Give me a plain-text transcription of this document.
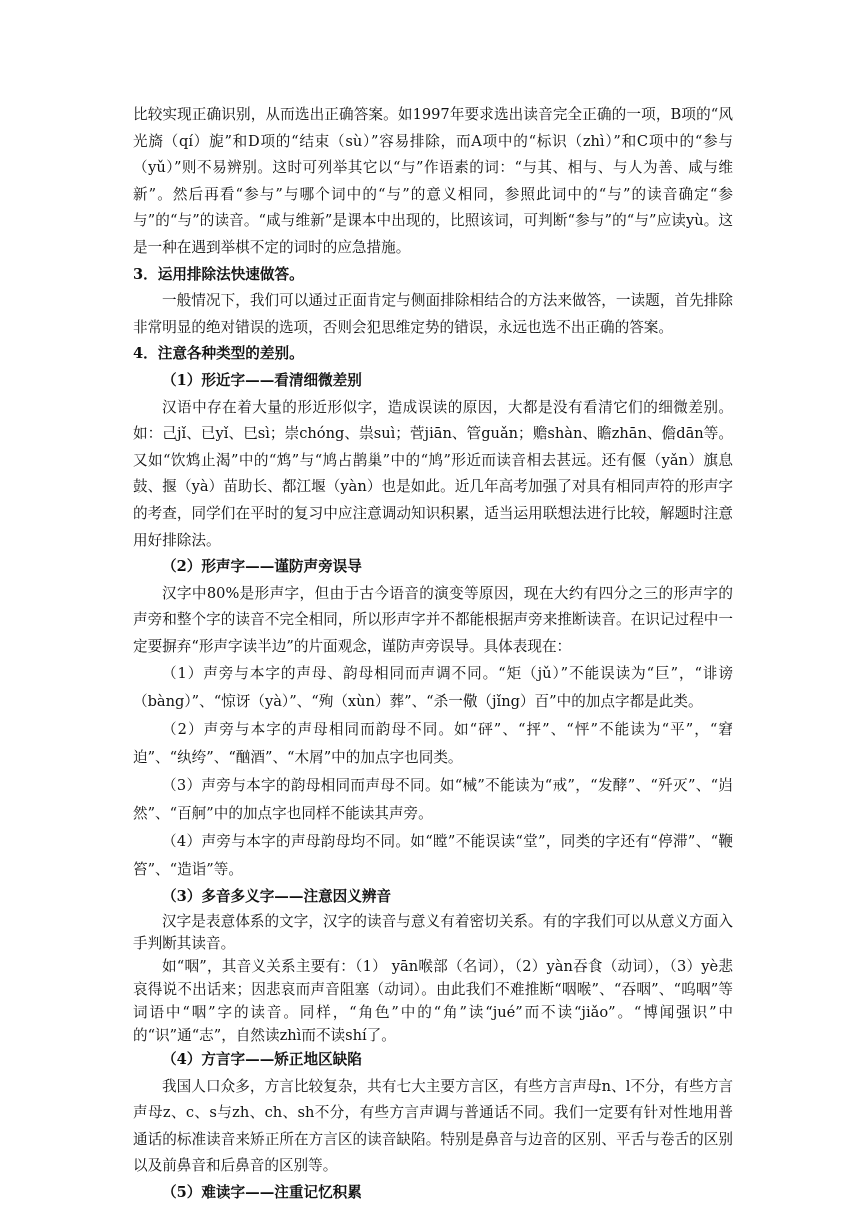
比较实现正确识别，从而选出正确答案。如1997年要求选出读音完全正确的一项，B项的“风光旖（qí）旎”和D项的“结束（sù）”容易排除，而A项中的“标识（zhì）”和C项中的“参与（yǔ）”则不易辨别。这时可列举其它以“与”作语素的词：“与其、相与、与人为善、咸与维新”。然后再看“参与”与哪个词中的“与”的意义相同，参照此词中的“与”的读音确定“参与”的“与”的读音。“咸与维新”是课本中出现的，比照该词，可判断“参与”的“与”应读yù。这是一种在遇到举棋不定的词时的应急措施。

3．运用排除法快速做答。

一般情况下，我们可以通过正面肯定与侧面排除相结合的方法来做答，一读题，首先排除非常明显的绝对错误的选项，否则会犯思维定势的错误，永远也选不出正确的答案。

4．注意各种类型的差别。

（1）形近字——看清细微差别

汉语中存在着大量的形近形似字，造成误读的原因，大都是没有看清它们的细微差别。如：己jǐ、已yǐ、巳sì；崇chóng、祟suì；菅jiān、管guǎn；赡shàn、瞻zhān、儋dān等。又如“饮鸩止渴”中的“鸩”与“鸠占鹊巢”中的“鸠”形近而读音相去甚远。还有偃（yǎn）旗息鼓、揠（yà）苗助长、都江堰（yàn）也是如此。近几年高考加强了对具有相同声符的形声字的考查，同学们在平时的复习中应注意调动知识积累，适当运用联想法进行比较，解题时注意用好排除法。

（2）形声字——谨防声旁误导

汉字中80%是形声字，但由于古今语音的演变等原因，现在大约有四分之三的形声字的声旁和整个字的读音不完全相同，所以形声字并不都能根据声旁来推断读音。在识记过程中一定要摒弃“形声字读半边”的片面观念，谨防声旁误导。具体表现在：

（1）声旁与本字的声母、韵母相同而声调不同。“矩（jǔ）”不能误读为“巨”，“诽谤（bàng）”、“惊讶（yà）”、“殉（xùn）葬”、“杀一儆（jǐng）百”中的加点字都是此类。

（2）声旁与本字的声母相同而韵母不同。如“砰”、“抨”、“怦”不能读为“平”，“窘迫”、“纨绔”、“酗酒”、“木屑”中的加点字也同类。

（3）声旁与本字的韵母相同而声母不同。如“械”不能读为“戒”，“发酵”、“歼灭”、“岿然”、“百舸”中的加点字也同样不能读其声旁。

（4）声旁与本字的声母韵母均不同。如“瞠”不能误读“堂”，同类的字还有“停滞”、“鞭笞”、“造诣”等。

（3）多音多义字——注意因义辨音

汉字是表意体系的文字，汉字的读音与意义有着密切关系。有的字我们可以从意义方面入手判断其读音。

如“咽”，其音义关系主要有：（1） yān喉部（名词），（2）yàn吞食（动词），（3）yè悲哀得说不出话来；因悲哀而声音阻塞（动词）。由此我们不难推断“咽喉”、“吞咽”、“呜咽”等词语中“咽”字的读音。同样，“角色”中的“角”读“jué”而不读“jiǎo”。“博闻强识”中的“识”通“志”，自然读zhì而不读shí了。

（4）方言字——矫正地区缺陷

我国人口众多，方言比较复杂，共有七大主要方言区，有些方言声母n、l不分，有些方言声母z、c、s与zh、ch、sh不分，有些方言声调与普通话不同。我们一定要有针对性地用普通话的标准读音来矫正所在方言区的读音缺陷。特别是鼻音与边音的区别、平舌与卷舌的区别以及前鼻音和后鼻音的区别等。

（5）难读字——注重记忆积累
